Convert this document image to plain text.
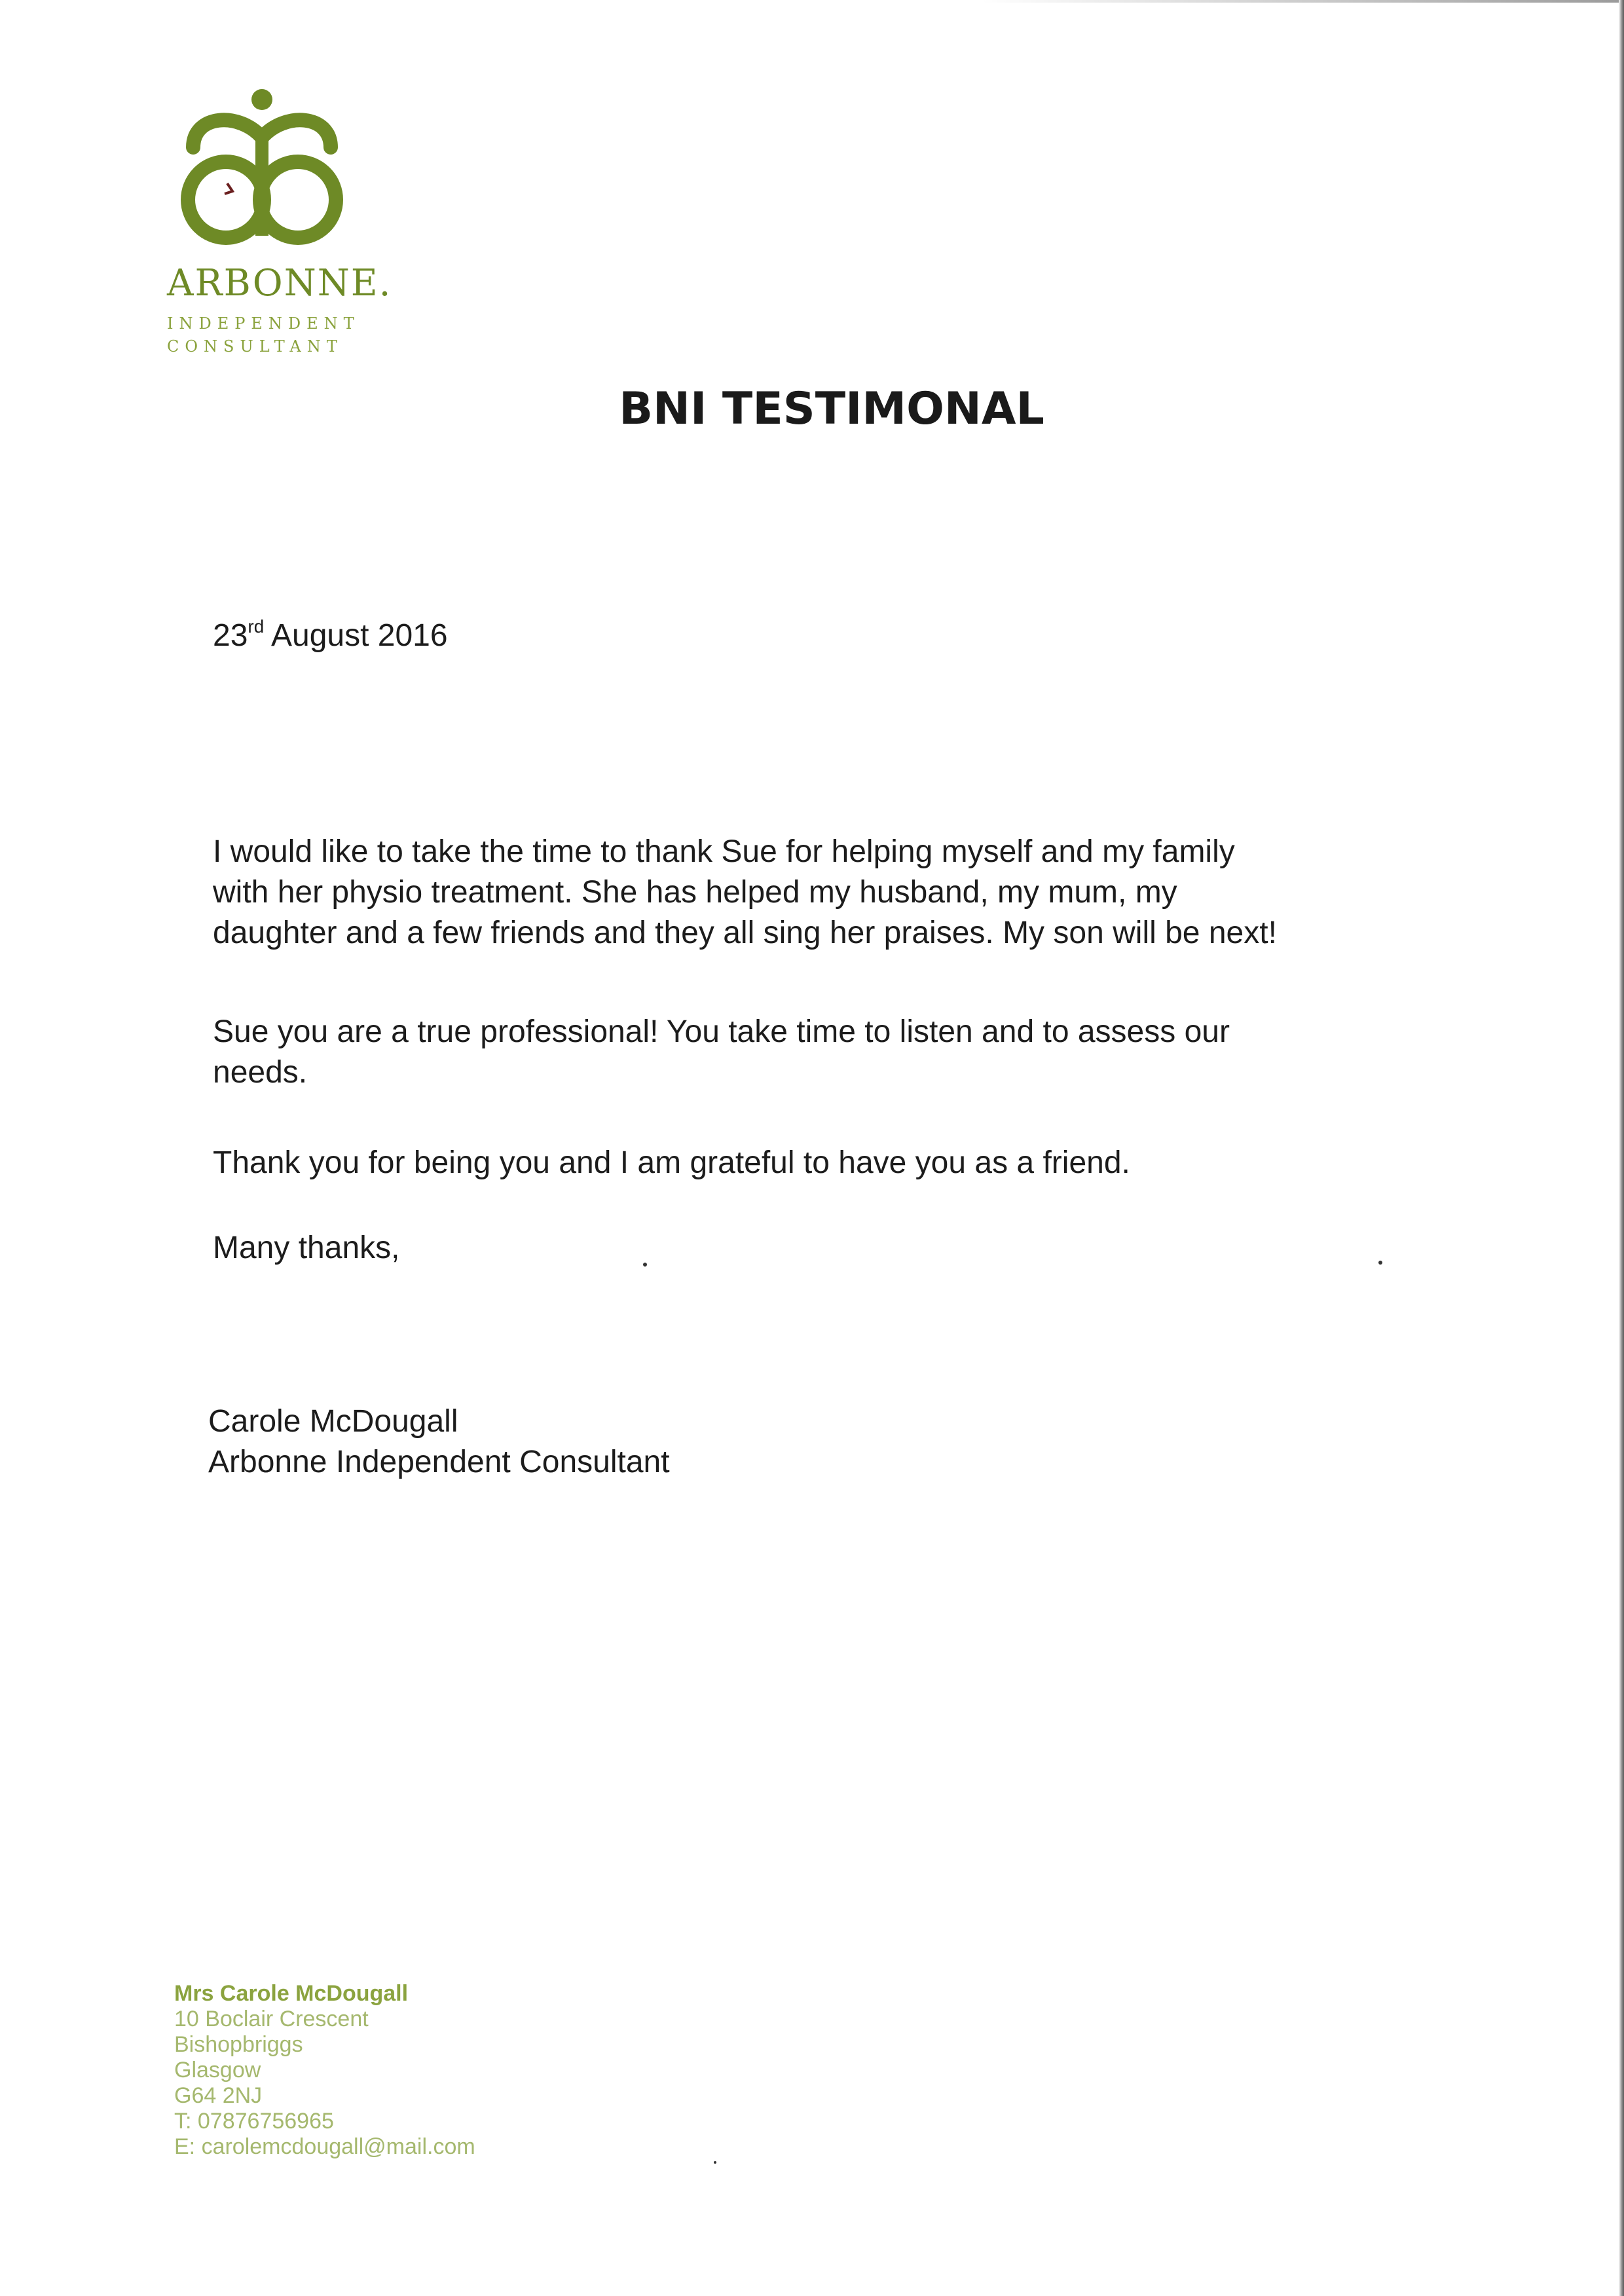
ARBONNE.
INDEPENDENT
CONSULTANT
BNI TESTIMONAL
23rd August 2016
I would like to take the time to thank Sue for helping myself and my family
with her physio treatment. She has helped my husband, my mum, my
daughter and a few friends and they all sing her praises. My son will be next!
Sue you are a true professional! You take time to listen and to assess our
needs.
Thank you for being you and I am grateful to have you as a friend.
Many thanks,
Carole McDougall
Arbonne Independent Consultant
Mrs Carole McDougall
10 Boclair Crescent
Bishopbriggs
Glasgow
G64 2NJ
T: 07876756965
E: carolemcdougall@mail.com
